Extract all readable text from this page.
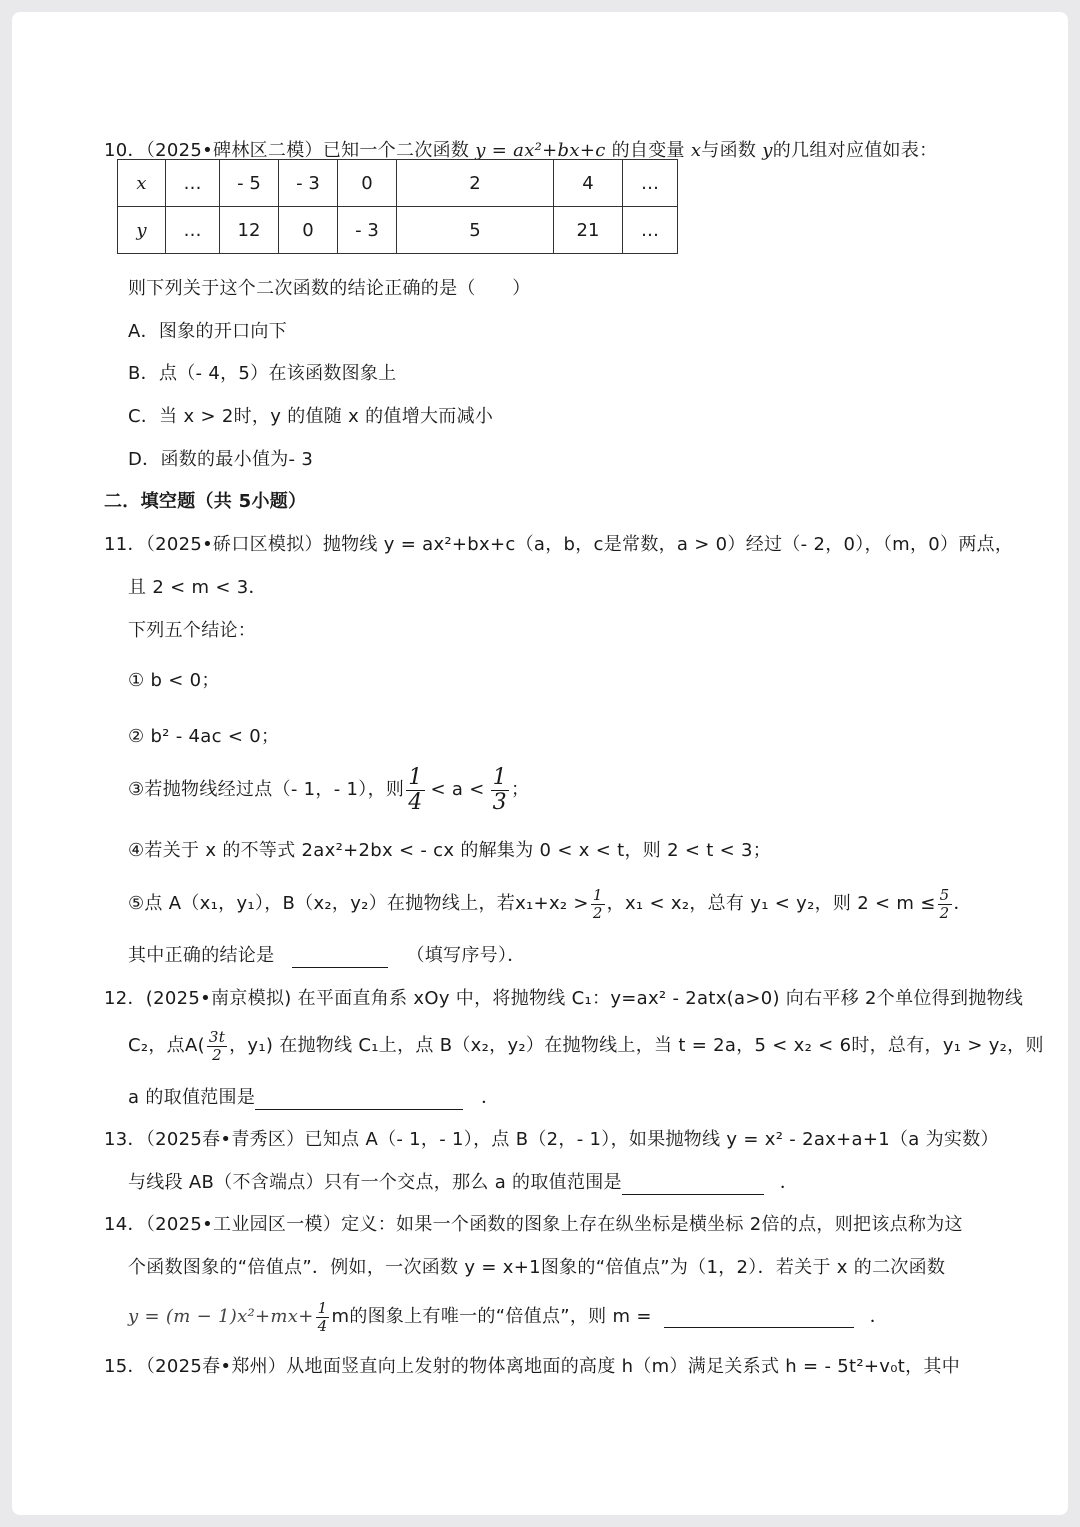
10．（2025•碑林区二模）已知一个二次函数 y = ax²+bx+c 的自变量 x与函数 y的几组对应值如表：
x	…	- 5	- 3	0	2	4	…
y	…	12	0	- 3	5	21	…
则下列关于这个二次函数的结论正确的是（　　）
A．图象的开口向下
B．点（- 4，5）在该函数图象上
C．当 x > 2时，y 的值随 x 的值增大而减小
D．函数的最小值为- 3
二．填空题（共 5小题）
11．（2025•硚口区模拟）抛物线 y = ax²+bx+c（a，b，c是常数，a > 0）经过（- 2，0），（m，0）两点，
且 2 < m < 3．
下列五个结论：
① b < 0；
② b² - 4ac < 0；
③若抛物线经过点（- 1，- 1），则 $\frac{1}{4} < a < \frac{1}{3}$ ；
④若关于 x 的不等式 2ax²+2bx < - cx 的解集为 0 < x < t，则 2 < t < 3；
⑤点 A（x₁，y₁），B（x₂，y₂）在抛物线上，若$x_1+x_2 > \frac{1}{2}$ ，x₁ < x₂，总有 y₁ < y₂，则 $2 < m \le \frac{5}{2}$ ．
其中正确的结论是	（填写序号）．
12．(2025•南京模拟) 在平面直角系 xOy 中，将抛物线 C₁：y=ax² - 2atx(a>0) 向右平移 2个单位得到抛物线
C₂，点$A( \frac{3t}{2}$ ，y₁) 在抛物线 C₁上，点 B（x₂，y₂）在抛物线上，当 t = 2a，5 < x₂ < 6时，总有，y₁ > y₂，则
a 的取值范围是	．
13．（2025春•青秀区）已知点 A（- 1，- 1），点 B（2，- 1），如果抛物线 y = x² - 2ax+a+1（a 为实数）
与线段 AB（不含端点）只有一个交点，那么 a 的取值范围是	．
14．（2025•工业园区一模）定义：如果一个函数的图象上存在纵坐标是横坐标 2倍的点，则把该点称为这
个函数图象的“倍值点”．例如，一次函数 y = x+1图象的“倍值点”为（1，2）．若关于 x 的二次函数
$y = (m - 1)x^2+mx+ \frac{1}{4}$ m的图象上有唯一的“倍值点”，则 m =	．
15．（2025春•郑州）从地面竖直向上发射的物体离地面的高度 h（m）满足关系式 h = - 5t²+v₀t，其中
